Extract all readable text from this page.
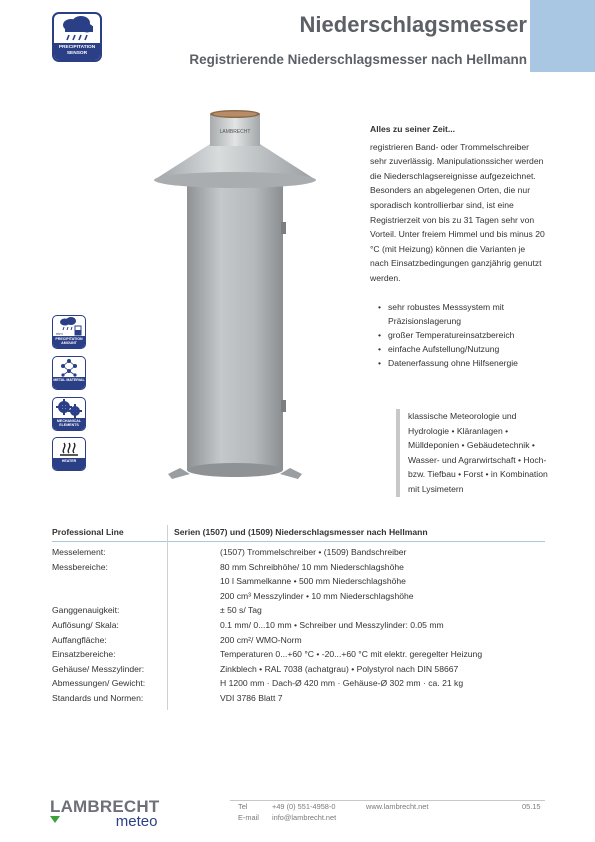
PRECIPITATION SENSOR
Niederschlagsmesser
Registrierende Niederschlagsmesser nach Hellmann
mm
PRECIPITATION AMOUNT
METAL MATERIAL
MECHANICAL ELEMENTS
HEATER
LAMBRECHT	Alles zu seiner Zeit...

registrieren Band- oder Trommelschreiber sehr zuverlässig. Manipulationssicher werden die Niederschlagsereignisse aufgezeichnet. Besonders an abgelegenen Orten, die nur sporadisch kontrollierbar sind, ist eine Registrierzeit von bis zu 31 Tagen sehr von Vorteil. Unter freiem Himmel und bis minus 20 °C (mit Heizung) können die Varianten je nach Einsatzbedingungen ganzjährig genutzt werden.

• sehr robustes Messsystem mit Präzisionslagerung
• großer Temperatureinsatzbereich
• einfache Aufstellung/Nutzung
• Datenerfassung ohne Hilfsenergie
klassische Meteorologie und Hydrologie • Kläranlagen • Mülldeponien • Gebäudetechnik • Wasser- und Agrarwirtschaft • Hoch- bzw. Tiefbau • Forst • in Kombination mit Lysimetern
Professional Line	Serien (1507) und (1509) Niederschlagsmesser nach Hellmann
Messelement:	(1507) Trommelschreiber • (1509) Bandschreiber
Messbereiche:	80 mm Schreibhöhe/ 10 mm Niederschlagshöhe
10 l Sammelkanne • 500 mm Niederschlagshöhe
200 cm³ Messzylinder • 10 mm Niederschlagshöhe
Ganggenauigkeit:	± 50 s/ Tag
Auflösung/ Skala:	0.1 mm/ 0...10 mm • Schreiber und Messzylinder: 0.05 mm
Auffangfläche:	200 cm²/ WMO-Norm
Einsatzbereiche:	Temperaturen 0...+60 °C • -20...+60 °C mit elektr. geregelter Heizung
Gehäuse/ Messzylinder:	Zinkblech • RAL 7038 (achatgrau) • Polystyrol nach DIN 58667
Abmessungen/ Gewicht:	H 1200 mm · Dach-Ø 420 mm · Gehäuse-Ø 302 mm · ca. 21 kg
Standards und Normen:	VDI 3786 Blatt 7
LAMBRECHT
meteo
Tel
E-mail
+49 (0) 551-4958-0
info@lambrecht.net
www.lambrecht.net	05.15
